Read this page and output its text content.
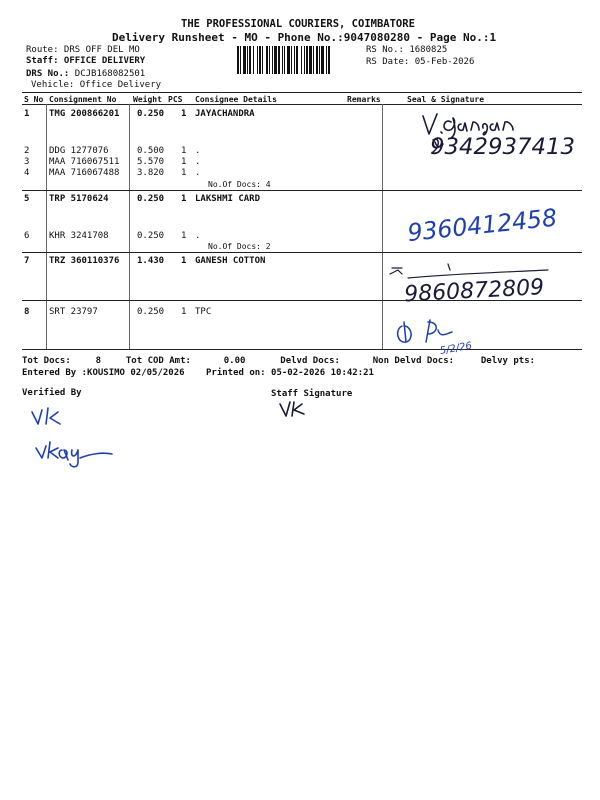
THE PROFESSIONAL COURIERS, COIMBATORE
Delivery Runsheet - MO - Phone No.:9047080280 - Page No.:1
Route: DRS OFF DEL MO
Staff: OFFICE DELIVERY
DRS No.: DCJB168082501
Vehicle: Office Delivery
RS No.: 1680825
RS Date: 05-Feb-2026
S No Consignment No Weight PCS Consignee Details	Remarks	Seal & Signature
1 TMG 200866201 0.250 1 JAYACHANDRA
2 DDG 1277076	0.500 1 .
3 MAA 716067511 5.570 1 .
4 MAA 716067488 3.820 1 .
No.Of Docs: 4
5 TRP 5170624	0.250 1 LAKSHMI CARD
6 KHR 3241708	0.250 1 .
No.Of Docs: 2
7 TRZ 360110376 1.430 1 GANESH COTTON
8 SRT 23797	0.250 1 TPC
Tot Docs:	8	Tot COD Amt:	0.00	Delvd Docs:	Non Delvd Docs:	Delvy pts:
Entered By :KOUSIMO 02/05/2026 Printed on: 05-02-2026 10:42:21
Verified By	Staff Signature
9342937413
9360412458
9860872809
5/2/26
